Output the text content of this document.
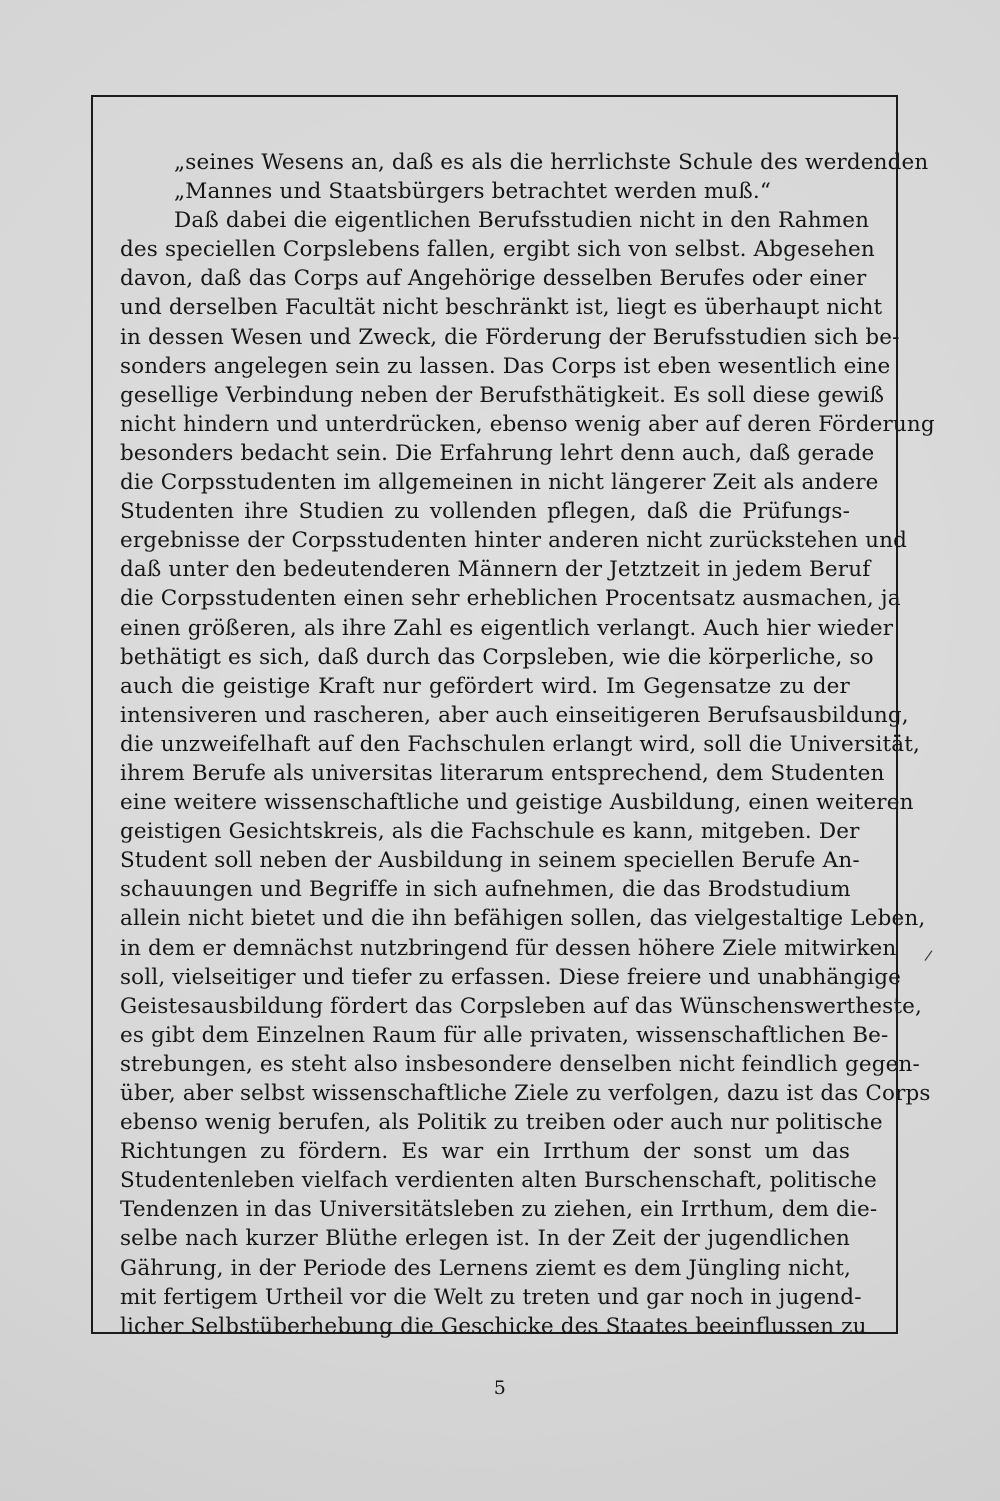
„seines Wesens an, daß es als die herrlichste Schule des werdenden
„Mannes und Staatsbürgers betrachtet werden muß.“
Daß dabei die eigentlichen Berufsstudien nicht in den Rahmen
des speciellen Corpslebens fallen, ergibt sich von selbst. Abgesehen
davon, daß das Corps auf Angehörige desselben Berufes oder einer
und derselben Facultät nicht beschränkt ist, liegt es überhaupt nicht
in dessen Wesen und Zweck, die Förderung der Berufsstudien sich be-
sonders angelegen sein zu lassen. Das Corps ist eben wesentlich eine
gesellige Verbindung neben der Berufsthätigkeit. Es soll diese gewiß
nicht hindern und unterdrücken, ebenso wenig aber auf deren Förderung
besonders bedacht sein. Die Erfahrung lehrt denn auch, daß gerade
die Corpsstudenten im allgemeinen in nicht längerer Zeit als andere
Studenten ihre Studien zu vollenden pflegen, daß die Prüfungs-
ergebnisse der Corpsstudenten hinter anderen nicht zurückstehen und
daß unter den bedeutenderen Männern der Jetztzeit in jedem Beruf
die Corpsstudenten einen sehr erheblichen Procentsatz ausmachen, ja
einen größeren, als ihre Zahl es eigentlich verlangt. Auch hier wieder
bethätigt es sich, daß durch das Corpsleben, wie die körperliche, so
auch die geistige Kraft nur gefördert wird. Im Gegensatze zu der
intensiveren und rascheren, aber auch einseitigeren Berufsausbildung,
die unzweifelhaft auf den Fachschulen erlangt wird, soll die Universität,
ihrem Berufe als universitas literarum entsprechend, dem Studenten
eine weitere wissenschaftliche und geistige Ausbildung, einen weiteren
geistigen Gesichtskreis, als die Fachschule es kann, mitgeben. Der
Student soll neben der Ausbildung in seinem speciellen Berufe An-
schauungen und Begriffe in sich aufnehmen, die das Brodstudium
allein nicht bietet und die ihn befähigen sollen, das vielgestaltige Leben,
in dem er demnächst nutzbringend für dessen höhere Ziele mitwirken
soll, vielseitiger und tiefer zu erfassen. Diese freiere und unabhängige
Geistesausbildung fördert das Corpsleben auf das Wünschenswertheste,
es gibt dem Einzelnen Raum für alle privaten, wissenschaftlichen Be-
strebungen, es steht also insbesondere denselben nicht feindlich gegen-
über, aber selbst wissenschaftliche Ziele zu verfolgen, dazu ist das Corps
ebenso wenig berufen, als Politik zu treiben oder auch nur politische
Richtungen zu fördern. Es war ein Irrthum der sonst um das
Studentenleben vielfach verdienten alten Burschenschaft, politische
Tendenzen in das Universitätsleben zu ziehen, ein Irrthum, dem die-
selbe nach kurzer Blüthe erlegen ist. In der Zeit der jugendlichen
Gährung, in der Periode des Lernens ziemt es dem Jüngling nicht,
mit fertigem Urtheil vor die Welt zu treten und gar noch in jugend-
licher Selbstüberhebung die Geschicke des Staates beeinflussen zu
/
5
